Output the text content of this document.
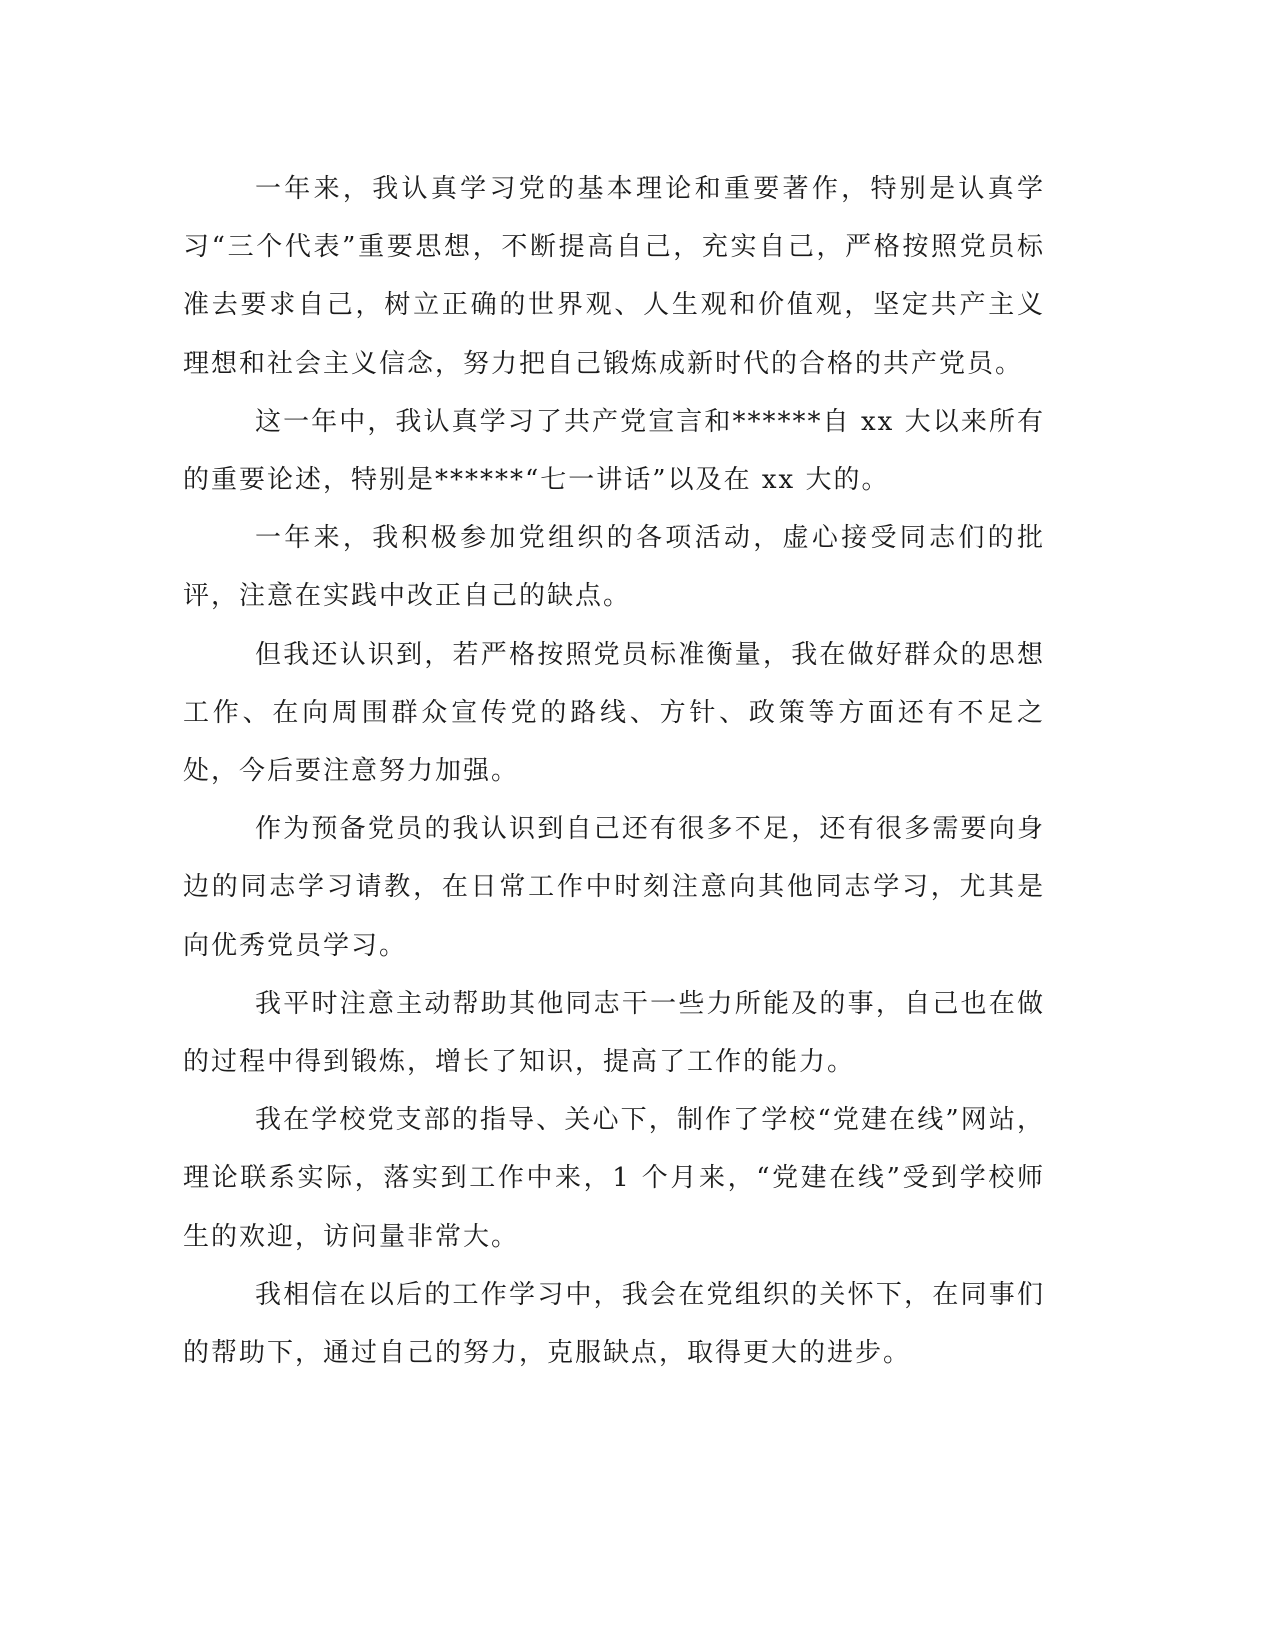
一年来，我认真学习党的基本理论和重要著作，特别是认真学习“三个代表”重要思想，不断提高自己，充实自己，严格按照党员标准去要求自己，树立正确的世界观、人生观和价值观，坚定共产主义理想和社会主义信念，努力把自己锻炼成新时代的合格的共产党员。

这一年中，我认真学习了共产党宣言和******自 xx 大以来所有的重要论述，特别是******“七一讲话”以及在 xx 大的。

一年来，我积极参加党组织的各项活动，虚心接受同志们的批评，注意在实践中改正自己的缺点。

但我还认识到，若严格按照党员标准衡量，我在做好群众的思想工作、在向周围群众宣传党的路线、方针、政策等方面还有不足之处，今后要注意努力加强。

作为预备党员的我认识到自己还有很多不足，还有很多需要向身边的同志学习请教，在日常工作中时刻注意向其他同志学习，尤其是向优秀党员学习。

我平时注意主动帮助其他同志干一些力所能及的事，自己也在做的过程中得到锻炼，增长了知识，提高了工作的能力。

我在学校党支部的指导、关心下，制作了学校“党建在线”网站，理论联系实际，落实到工作中来，1 个月来，“党建在线”受到学校师生的欢迎，访问量非常大。

我相信在以后的工作学习中，我会在党组织的关怀下，在同事们的帮助下，通过自己的努力，克服缺点，取得更大的进步。
